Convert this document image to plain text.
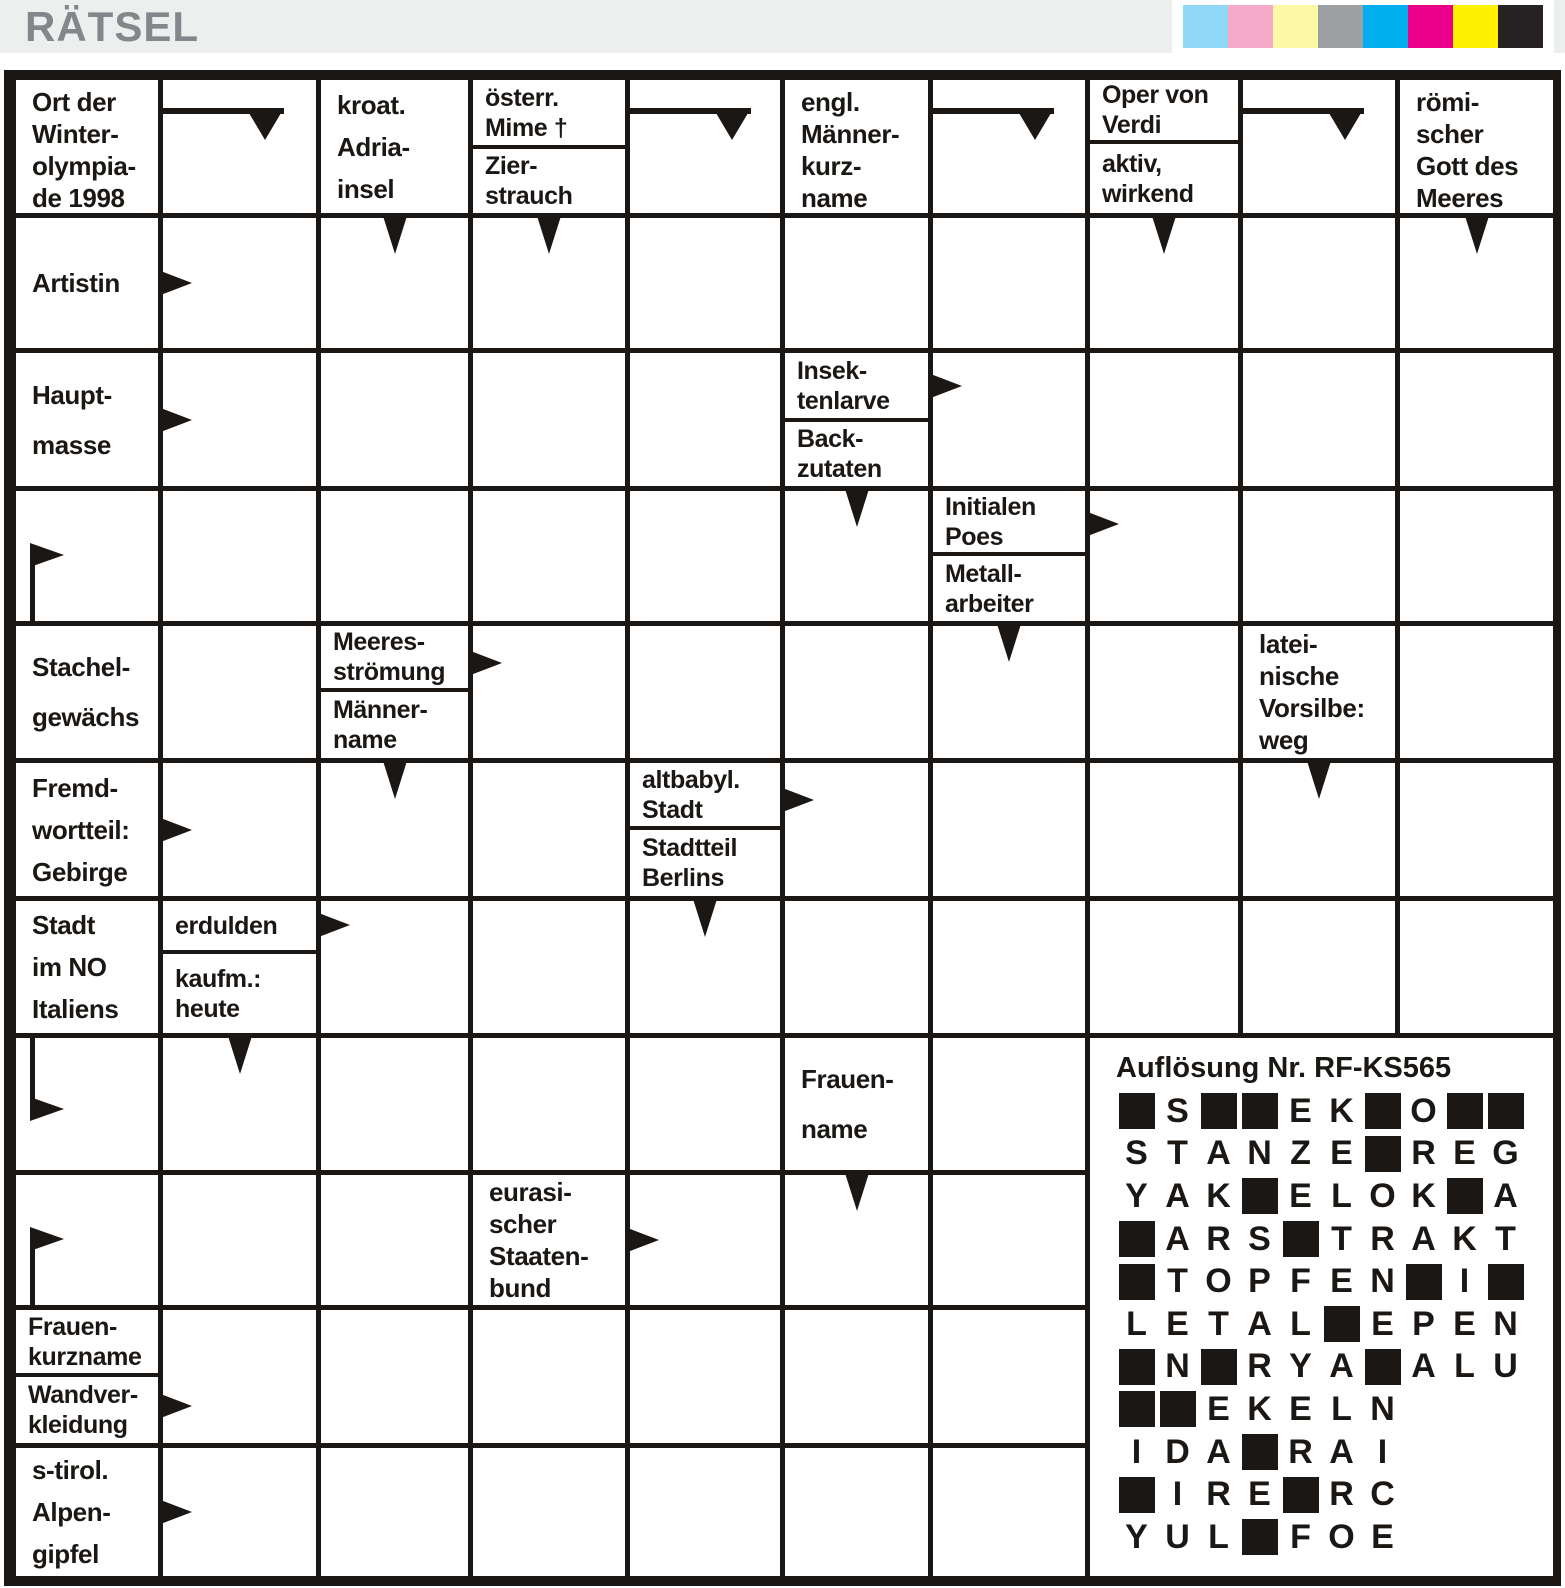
RÄTSEL
Auflösung Nr. RF-KS565
S	E K O
S T A N Z E R E G
Y A K E L O K A
A R S T R A K T
T O P F E N	I
L E T A L E P E N
N R Y A A L U
E K E L N
I D A R A I
I R E R C
Y U L F O E
Ort der
Winter-
olympia-
de 1998
kroat.
Adria-
insel
österr.
Mime †
Zier-
strauch
engl.
Männer-
kurz-
name
Oper von
Verdi
aktiv,
wirkend
römi-
scher
Gott des
Meeres
Artistin
Haupt-
masse
Insek-
tenlarve
Back-
zutaten
Initialen
Poes
Metall-
arbeiter
Stachel-
gewächs
Meeres-
strömung
Männer-
name
latei-
nische
Vorsilbe:
weg
Fremd-
wortteil:
Gebirge
altbabyl.
Stadt
Stadtteil
Berlins
Stadt
im NO
Italiens
erdulden
kaufm.:
heute
Frauen-
name
eurasi-
scher
Staaten-
bund
Frauen-
kurzname
Wandver-
kleidung
s-tirol.
Alpen-
gipfel
